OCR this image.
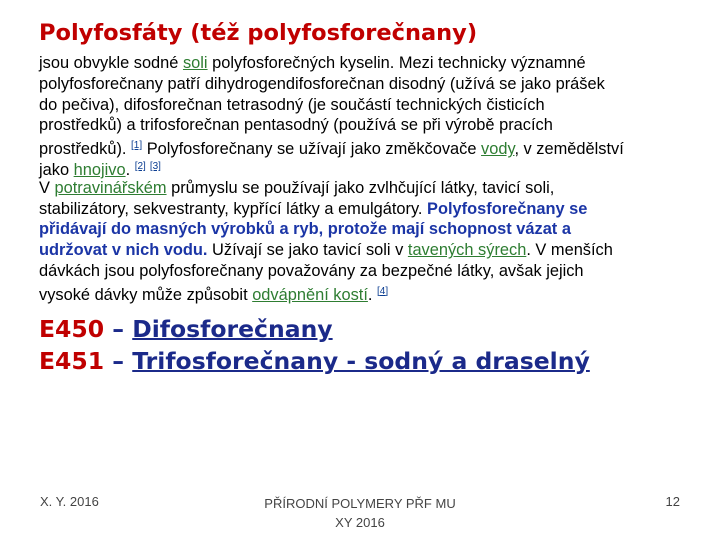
Polyfosfáty (též polyfosforečnany)
jsou obvykle sodné soli polyfosforečných kyselin. Mezi technicky významné
polyfosforečnany patří dihydrogendifosforečnan disodný (užívá se jako prášek
do pečiva), difosforečnan tetrasodný (je součástí technických čisticích
prostředků) a trifosforečnan pentasodný (používá se při výrobě pracích
prostředků). [1] Polyfosforečnany se užívají jako změkčovače vody, v zemědělství
jako hnojivo. [2] [3]
V potravinářském průmyslu se používají jako zvlhčující látky, tavicí soli,
stabilizátory, sekvestranty, kypřící látky a emulgátory. Polyfosforečnany se
přidávají do masných výrobků a ryb, protože mají schopnost vázat a
udržovat v nich vodu. Užívají se jako tavicí soli v tavených sýrech. V menších
dávkách jsou polyfosforečnany považovány za bezpečné látky, avšak jejich
vysoké dávky může způsobit odvápnění kostí. [4]
E450 – Difosforečnany
E451 – Trifosforečnany - sodný a draselný
X. Y. 2016	PŘÍRODNÍ POLYMERY PŘF MU
XY 2016
12
